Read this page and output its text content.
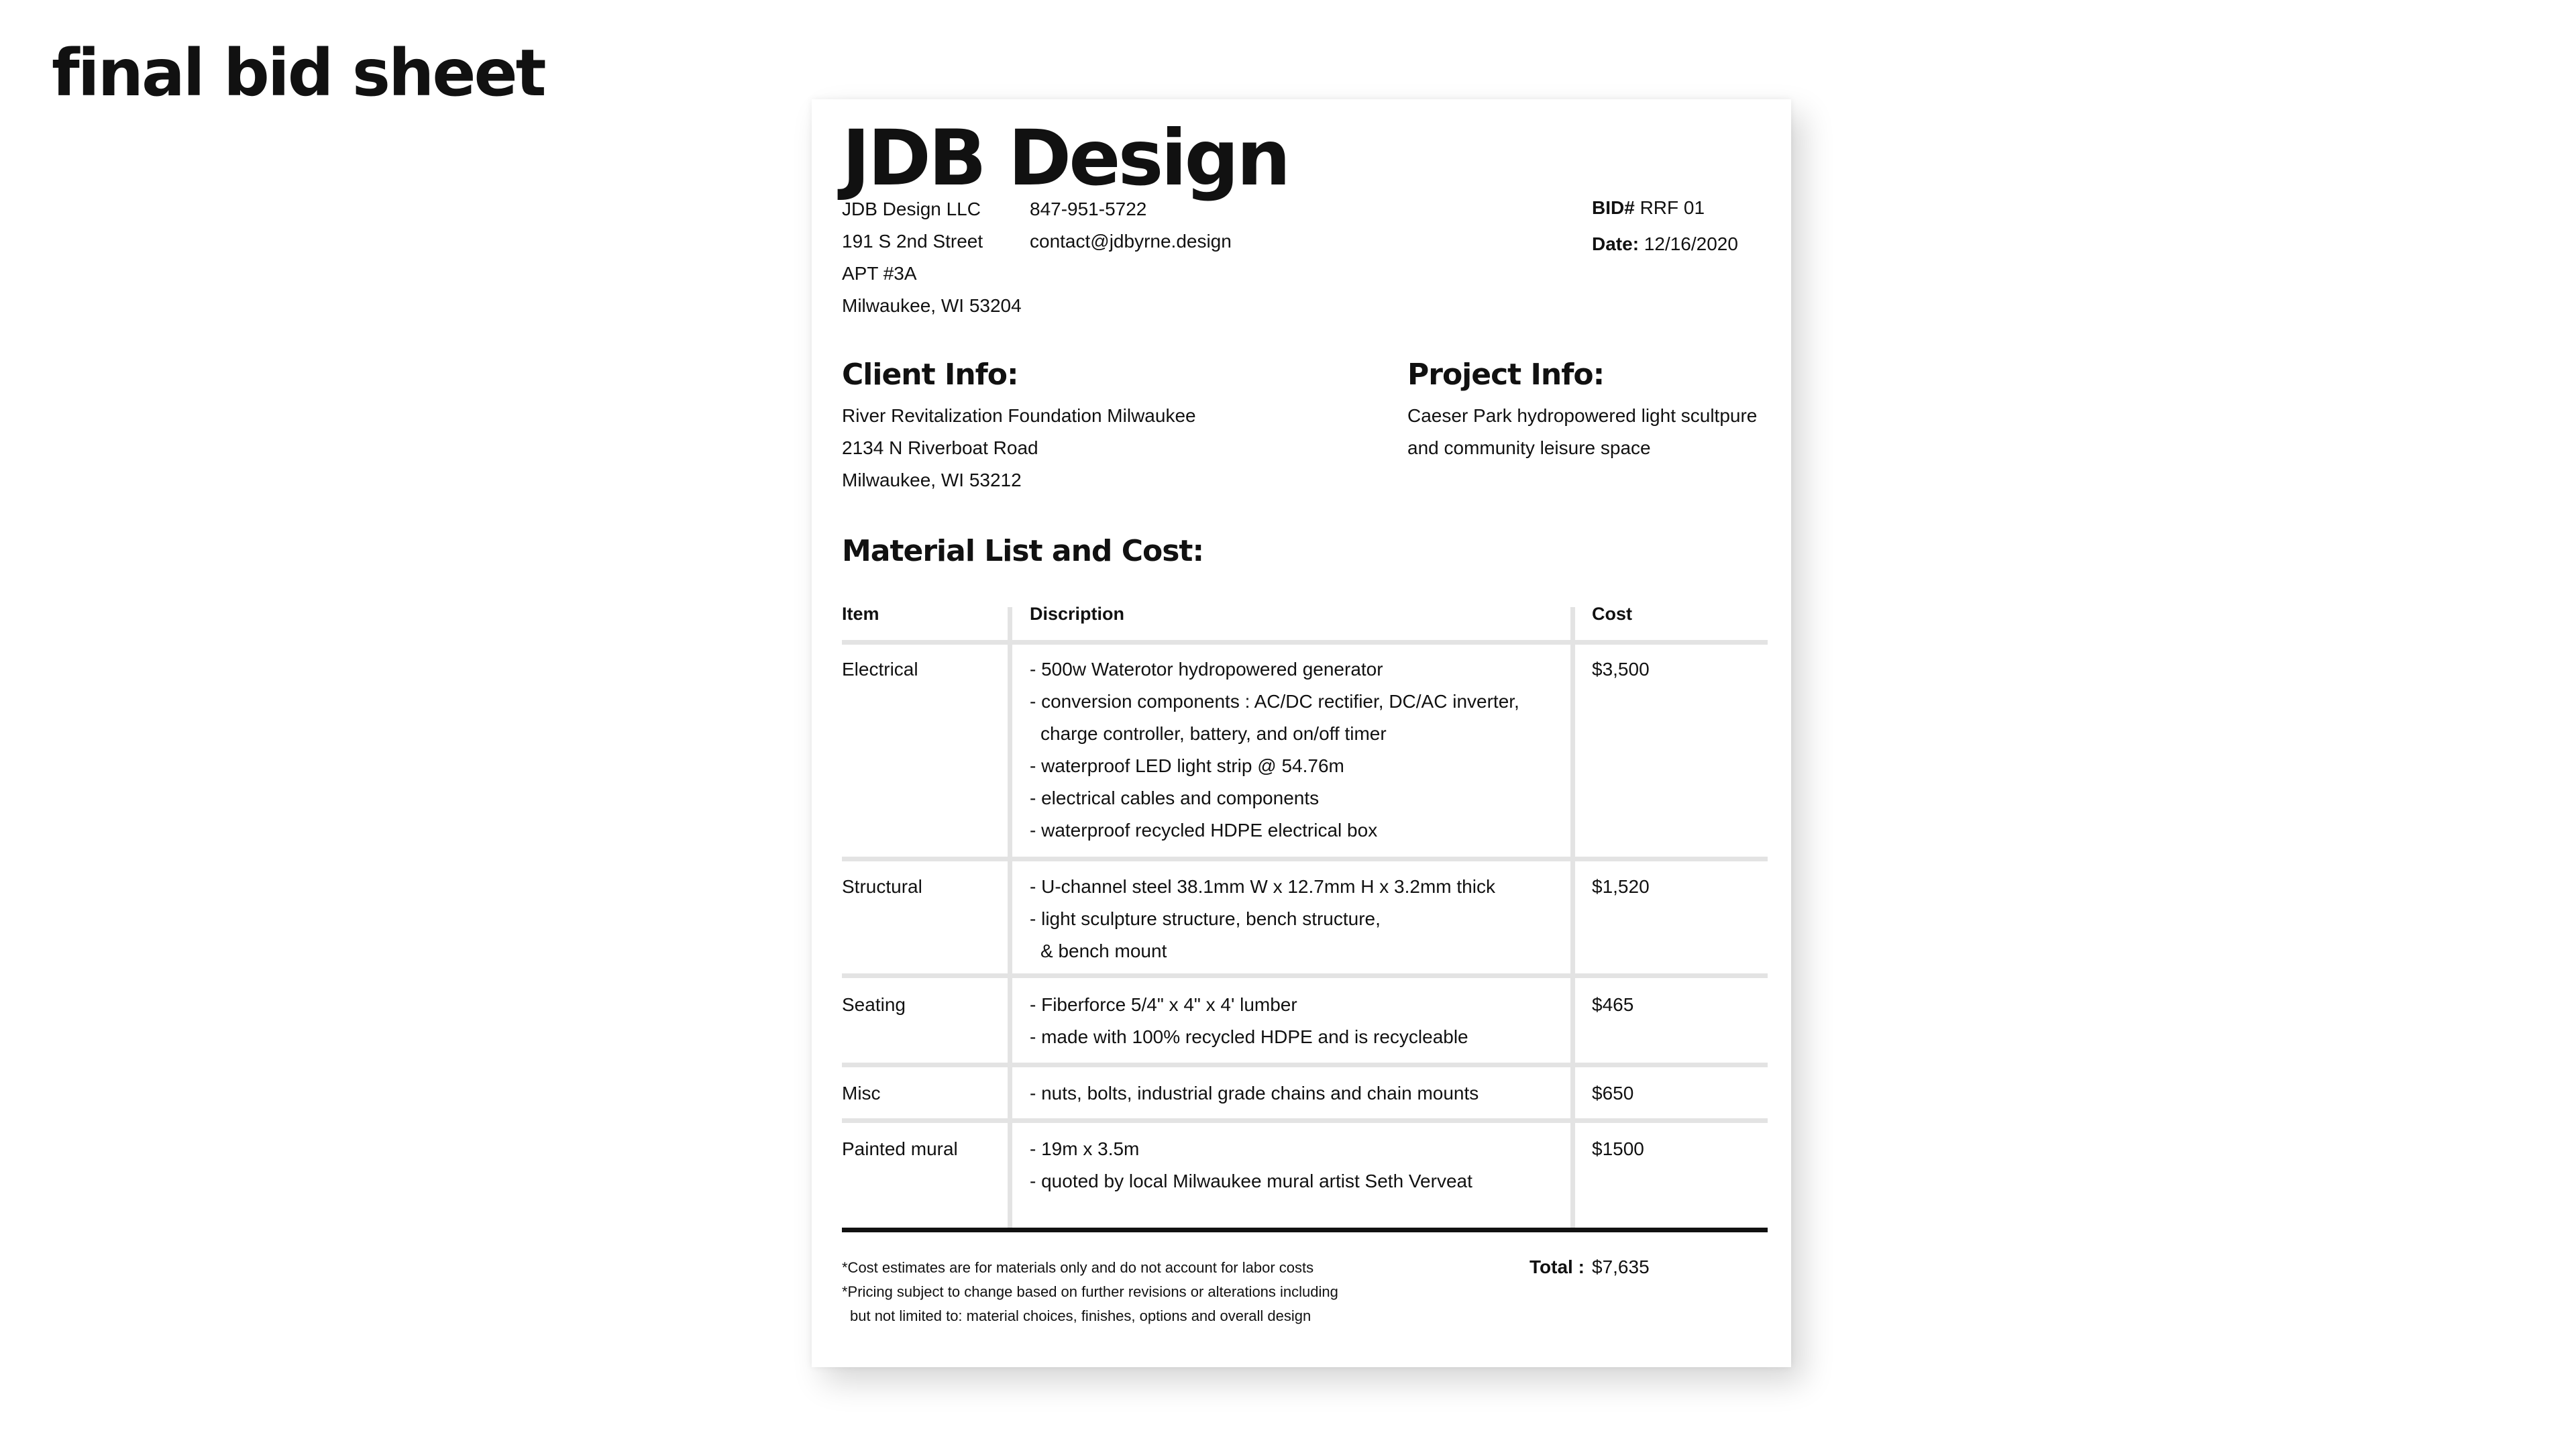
final bid sheet
JDB Design
JDB Design LLC
191 S 2nd Street
APT #3A
Milwaukee, WI 53204
847-951-5722
contact@jdbyrne.design
BID# RRF 01
Date: 12/16/2020
Client Info:
River Revitalization Foundation Milwaukee
2134 N Riverboat Road
Milwaukee, WI 53212
Project Info:
Caeser Park hydropowered light scultpure
and community leisure space
Material List and Cost:
Item	Discription	Cost
Electrical	- 500w Waterotor hydropowered generator
- conversion components : AC/DC rectifier, DC/AC inverter,
charge controller, battery, and on/off timer
- waterproof LED light strip @ 54.76m
- electrical cables and components
- waterproof recycled HDPE electrical box
$3,500
Structural	- U-channel steel 38.1mm W x 12.7mm H x 3.2mm thick
- light sculpture structure, bench structure,
& bench mount
$1,520
Seating	- Fiberforce 5/4" x 4" x 4' lumber
- made with 100% recycled HDPE and is recycleable
$465
Misc	- nuts, bolts, industrial grade chains and chain mounts	$650
Painted mural	- 19m x 3.5m
- quoted by local Milwaukee mural artist Seth Verveat
$1500
*Cost estimates are for materials only and do not account for labor costs
*Pricing subject to change based on further revisions or alterations including
but not limited to: material choices, finishes, options and overall design
Total : $7,635
